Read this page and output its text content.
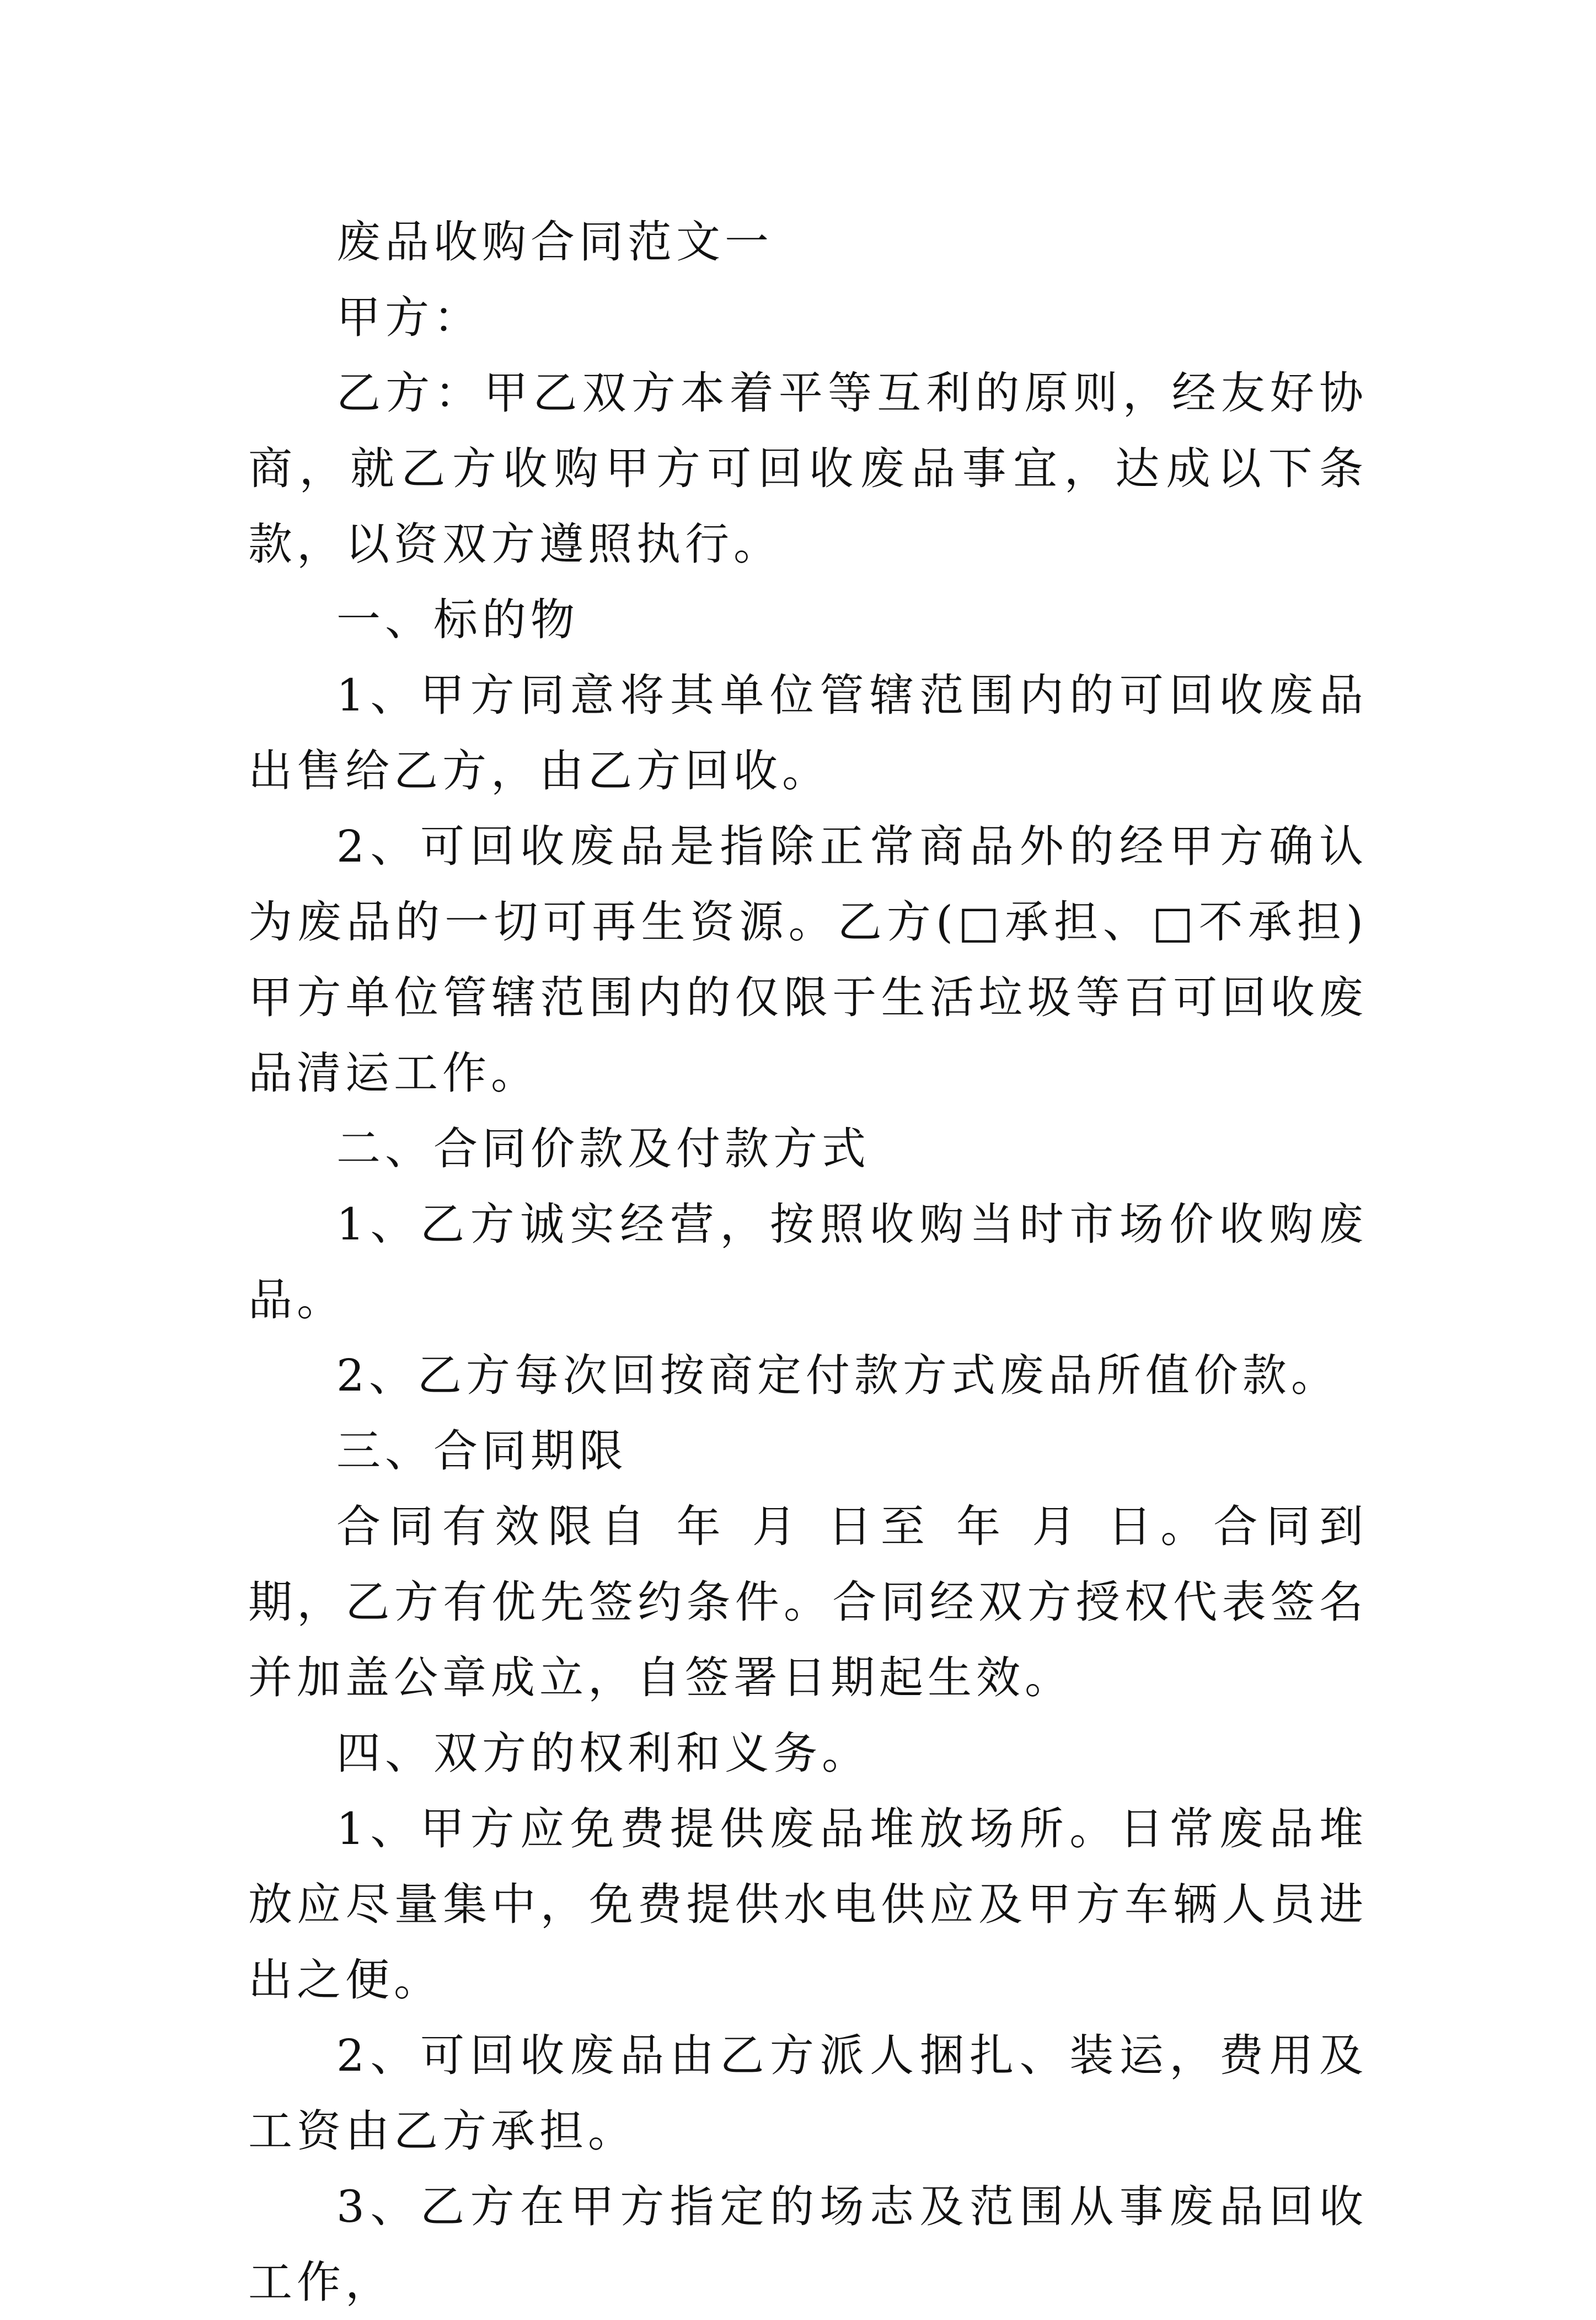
废品收购合同范文一

甲方：

乙方：甲乙双方本着平等互利的原则，经友好协商，就乙方收购甲方可回收废品事宜，达成以下条款，以资双方遵照执行。

一、标的物

1、甲方同意将其单位管辖范围内的可回收废品出售给乙方，由乙方回收。

2、可回收废品是指除正常商品外的经甲方确认为废品的一切可再生资源。乙方(□承担、□不承担)甲方单位管辖范围内的仅限于生活垃圾等百可回收废品清运工作。

二、合同价款及付款方式

1、乙方诚实经营，按照收购当时市场价收购废品。

2、乙方每次回按商定付款方式废品所值价款。

三、合同期限

合同有效限自 年 月 日至 年 月 日。合同到期，乙方有优先签约条件。合同经双方授权代表签名并加盖公章成立，自签署日期起生效。

四、双方的权利和义务。

1、甲方应免费提供废品堆放场所。日常废品堆放应尽量集中，免费提供水电供应及甲方车辆人员进出之便。

2、可回收废品由乙方派人捆扎、装运，费用及工资由乙方承担。

3、乙方在甲方指定的场志及范围从事废品回收工作，
